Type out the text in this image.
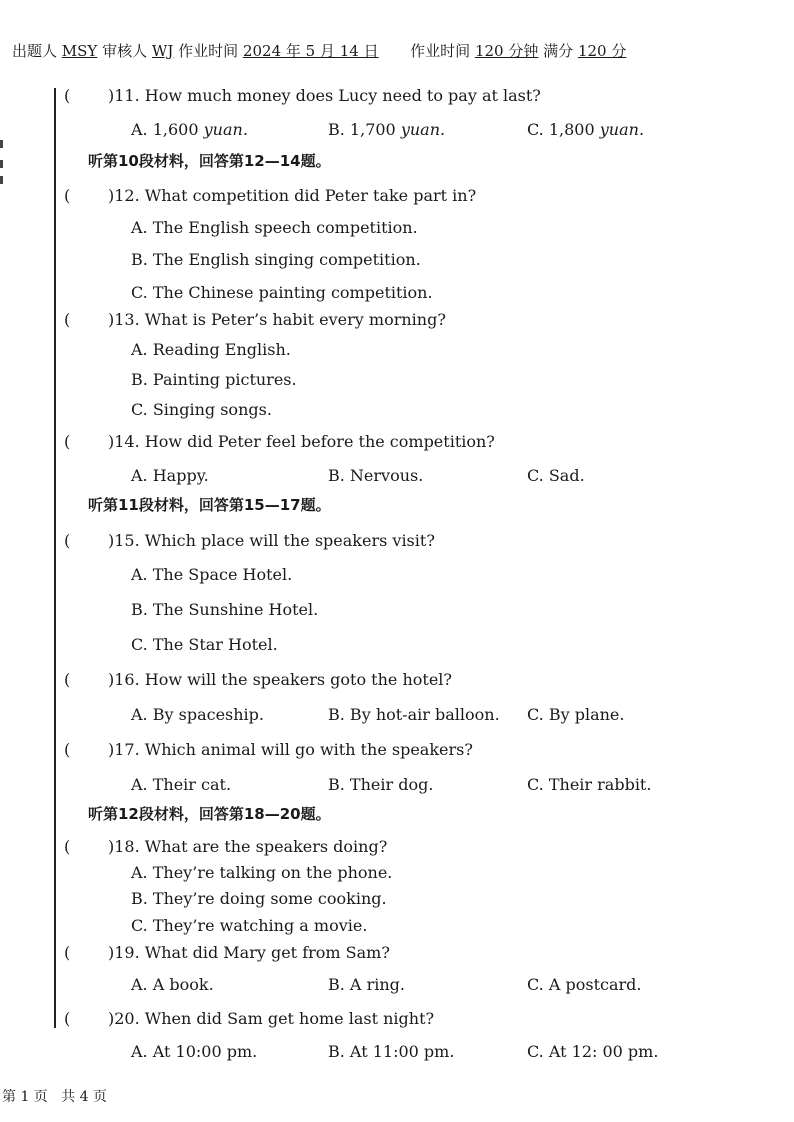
出题人 MSY 审核人 WJ 作业时间 2024 年 5 月 14 日 作业时间 120 分钟 满分 120 分
( )11. How much money does Lucy need to pay at last?
A. 1,600 yuan.	B. 1,700 yuan.	C. 1,800 yuan.
听第10段材料，回答第12—14题。
( )12. What competition did Peter take part in?
A. The English speech competition.
B. The English singing competition.
C. The Chinese painting competition.
( )13. What is Peter’s habit every morning?
A. Reading English.
B. Painting pictures.
C. Singing songs.
( )14. How did Peter feel before the competition?
A. Happy.	B. Nervous.	C. Sad.
听第11段材料，回答第15—17题。
( )15. Which place will the speakers visit?
A. The Space Hotel.
B. The Sunshine Hotel.
C. The Star Hotel.
( )16. How will the speakers goto the hotel?
A. By spaceship.	B. By hot-air balloon. C. By plane.
( )17. Which animal will go with the speakers?
A. Their cat.	B. Their dog.	C. Their rabbit.
听第12段材料，回答第18—20题。
( )18. What are the speakers doing?
A. They’re talking on the phone.
B. They’re doing some cooking.
C. They’re watching a movie.
( )19. What did Mary get from Sam?
A. A book.	B. A ring.	C. A postcard.
( )20. When did Sam get home last night?
A. At 10:00 pm.	B. At 11:00 pm.	C. At 12: 00 pm.
第 1 页 共 4 页
